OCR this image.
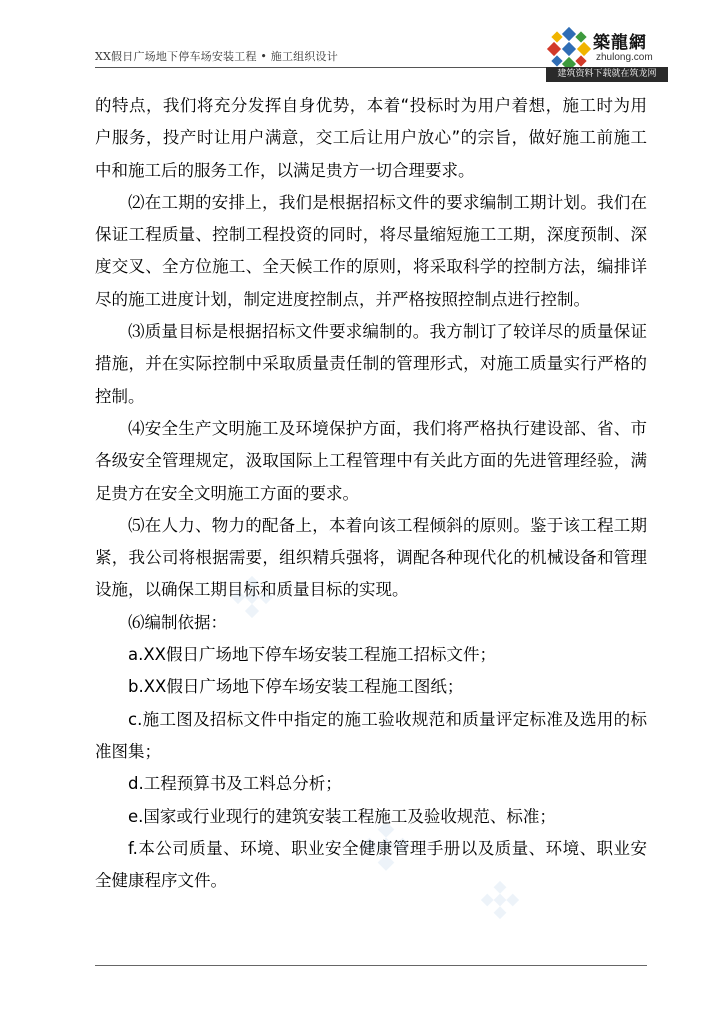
XX假日广场地下停车场安装工程 • 施工组织设计
築龍網
zhulong.com
建筑资料下载就在筑龙网

的特点，我们将充分发挥自身优势，本着“投标时为用户着想，施工时为用户服务，投产时让用户满意，交工后让用户放心”的宗旨，做好施工前施工中和施工后的服务工作，以满足贵方一切合理要求。

⑵在工期的安排上，我们是根据招标文件的要求编制工期计划。我们在保证工程质量、控制工程投资的同时，将尽量缩短施工工期，深度预制、深度交叉、全方位施工、全天候工作的原则，将采取科学的控制方法，编排详尽的施工进度计划，制定进度控制点，并严格按照控制点进行控制。

⑶质量目标是根据招标文件要求编制的。我方制订了较详尽的质量保证措施，并在实际控制中采取质量责任制的管理形式，对施工质量实行严格的控制。

⑷安全生产文明施工及环境保护方面，我们将严格执行建设部、省、市各级安全管理规定，汲取国际上工程管理中有关此方面的先进管理经验，满足贵方在安全文明施工方面的要求。

⑸在人力、物力的配备上，本着向该工程倾斜的原则。鉴于该工程工期紧，我公司将根据需要，组织精兵强将，调配各种现代化的机械设备和管理设施，以确保工期目标和质量目标的实现。

⑹编制依据：

a.XX假日广场地下停车场安装工程施工招标文件；

b.XX假日广场地下停车场安装工程施工图纸；

c.施工图及招标文件中指定的施工验收规范和质量评定标准及选用的标准图集；

d.工程预算书及工料总分析；

e.国家或行业现行的建筑安装工程施工及验收规范、标准；

f.本公司质量、环境、职业安全健康管理手册以及质量、环境、职业安全健康程序文件。
